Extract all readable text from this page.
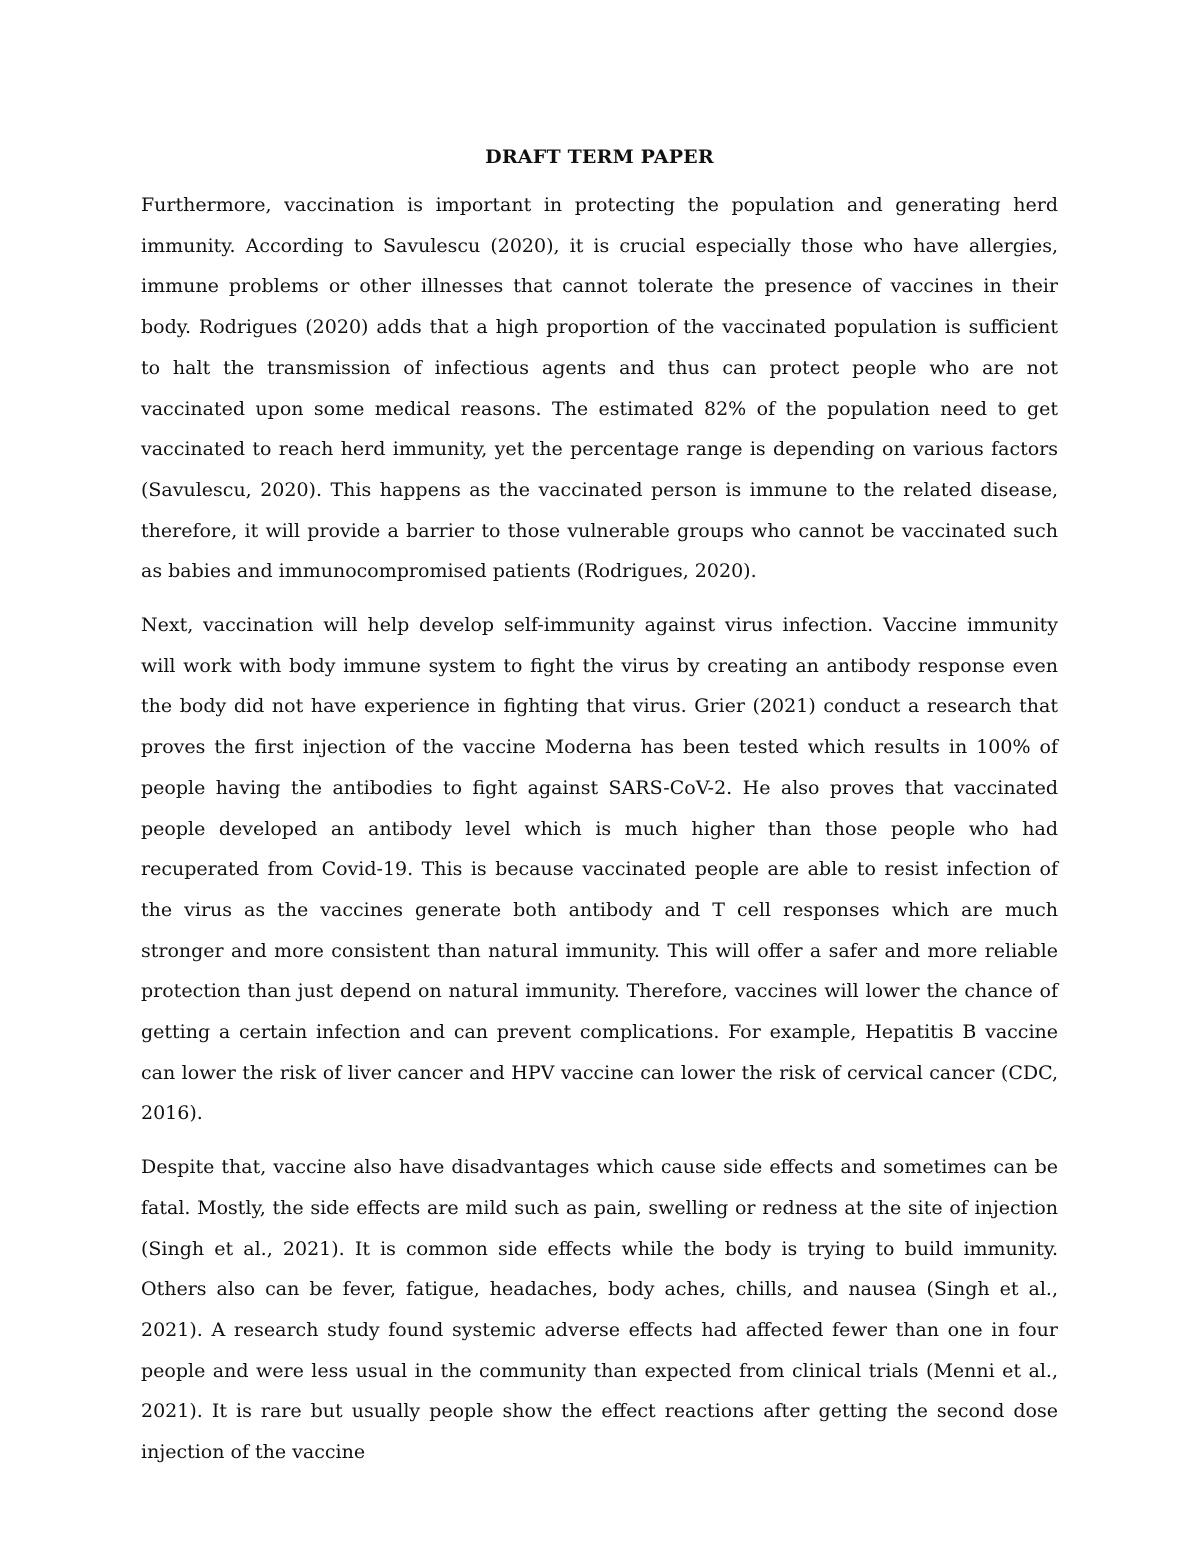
DRAFT TERM PAPER

Furthermore, vaccination is important in protecting the population and generating herd immunity. According to Savulescu (2020), it is crucial especially those who have allergies, immune problems or other illnesses that cannot tolerate the presence of vaccines in their body. Rodrigues (2020) adds that a high proportion of the vaccinated population is sufficient to halt the transmission of infectious agents and thus can protect people who are not vaccinated upon some medical reasons. The estimated 82% of the population need to get vaccinated to reach herd immunity, yet the percentage range is depending on various factors (Savulescu, 2020). This happens as the vaccinated person is immune to the related disease, therefore, it will provide a barrier to those vulnerable groups who cannot be vaccinated such as babies and immunocompromised patients (Rodrigues, 2020).

Next, vaccination will help develop self-immunity against virus infection. Vaccine immunity will work with body immune system to fight the virus by creating an antibody response even the body did not have experience in fighting that virus. Grier (2021) conduct a research that proves the first injection of the vaccine Moderna has been tested which results in 100% of people having the antibodies to fight against SARS-CoV-2. He also proves that vaccinated people developed an antibody level which is much higher than those people who had recuperated from Covid-19. This is because vaccinated people are able to resist infection of the virus as the vaccines generate both antibody and T cell responses which are much stronger and more consistent than natural immunity. This will offer a safer and more reliable protection than just depend on natural immunity. Therefore, vaccines will lower the chance of getting a certain infection and can prevent complications. For example, Hepatitis B vaccine can lower the risk of liver cancer and HPV vaccine can lower the risk of cervical cancer (CDC, 2016).

Despite that, vaccine also have disadvantages which cause side effects and sometimes can be fatal. Mostly, the side effects are mild such as pain, swelling or redness at the site of injection (Singh et al., 2021). It is common side effects while the body is trying to build immunity. Others also can be fever, fatigue, headaches, body aches, chills, and nausea (Singh et al., 2021). A research study found systemic adverse effects had affected fewer than one in four people and were less usual in the community than expected from clinical trials (Menni et al., 2021). It is rare but usually people show the effect reactions after getting the second dose injection of the vaccine
